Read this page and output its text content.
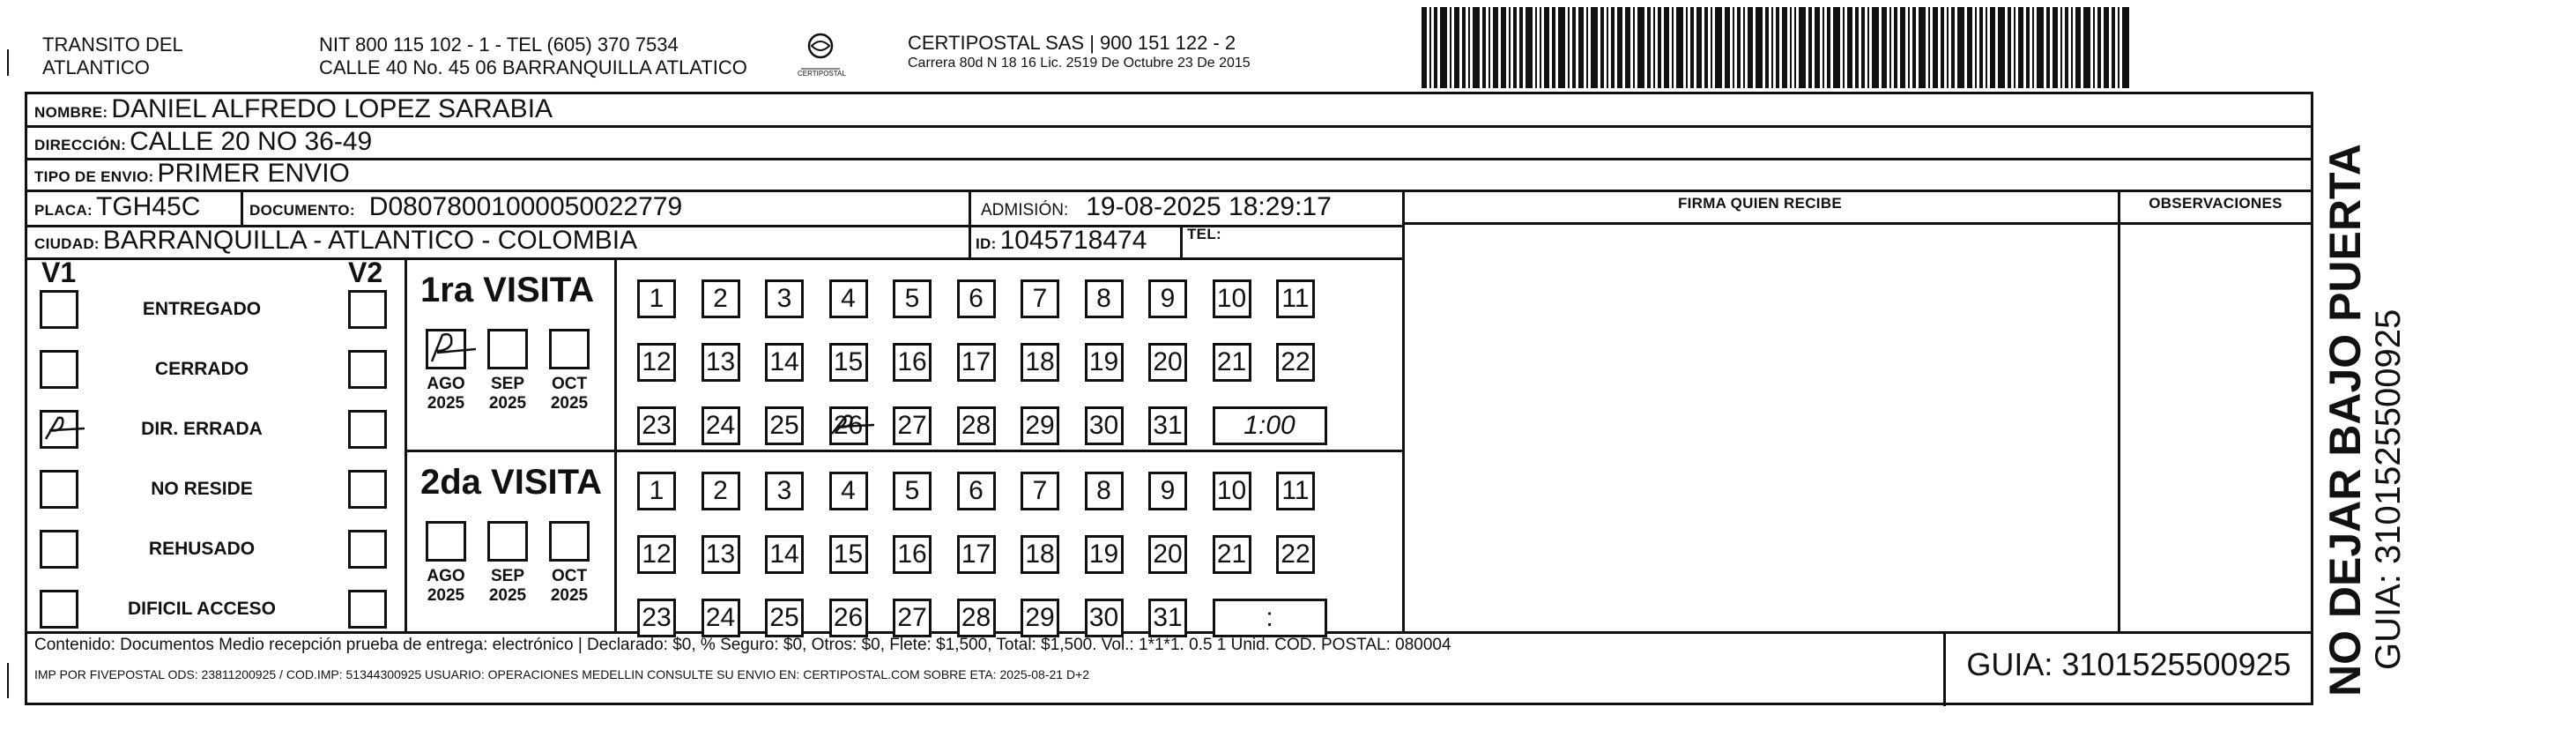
TRANSITO DEL
ATLANTICO
NIT 800 115 102 - 1 - TEL (605) 370 7534
CALLE 40 No. 45 06 BARRANQUILLA ATLATICO	CERTIPOSTAL
CERTIPOSTAL SAS | 900 151 122 - 2
Carrera 80d N 18 16 Lic. 2519 De Octubre 23 De 2015
NOMBRE: DANIEL ALFREDO LOPEZ SARABIA
DIRECCIÓN: CALLE 20 NO 36-49
TIPO DE ENVIO: PRIMER ENVIO
PLACA: TGH45C	DOCUMENTO: D08078001000050022779	ADMISIÓN: 19-08-2025 18:29:17
CIUDAD: BARRANQUILLA - ATLANTICO - COLOMBIA	ID: 1045718474	TEL:
FIRMA QUIEN RECIBE	OBSERVACIONES
V1	V2
ENTREGADO
CERRADO
DIR. ERRADA
NO RESIDE
REHUSADO
DIFICIL ACCESO
1ra VISITA
AGO
2025
SEP
2025
OCT
2025
1	2	3	4	5	6	7	8	9	10 11
12 13 14 15 16 17 18 19 20 21 22
23 24 25 26 27 28 29 30 31	1:00
2da VISITA
AGO
2025
SEP
2025
OCT
2025
1	2	3	4	5	6	7	8	9	10 11
12 13 14 15 16 17 18 19 20 21 22
23 24 25 26 27 28 29 30 31	:
Contenido: Documentos Medio recepción prueba de entrega: electrónico | Declarado: $0, % Seguro: $0, Otros: $0, Flete: $1,500, Total: $1,500. Vol.: 1*1*1. 0.5 1 Unid. COD. POSTAL: 080004
IMP POR FIVEPOSTAL ODS: 23811200925 / COD.IMP: 51344300925 USUARIO: OPERACIONES MEDELLIN CONSULTE SU ENVIO EN: CERTIPOSTAL.COM SOBRE ETA: 2025-08-21 D+2	GUIA: 3101525500925 NO DEJAR BAJO PUERTA GUIA: 3101525500925
